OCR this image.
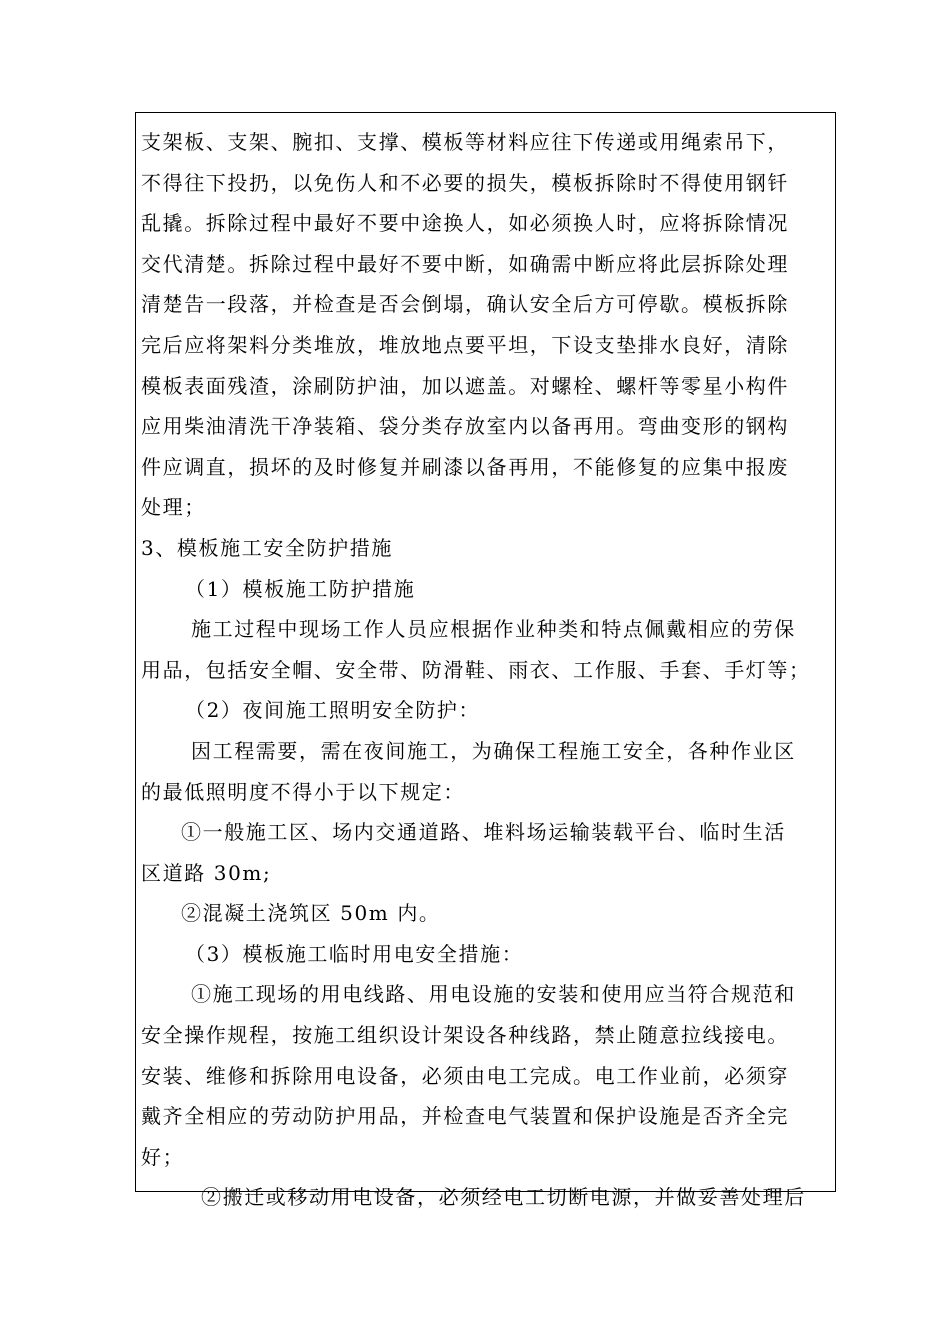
支架板、支架、腕扣、支撑、模板等材料应往下传递或用绳索吊下，
不得往下投扔，以免伤人和不必要的损失，模板拆除时不得使用钢钎
乱撬。拆除过程中最好不要中途换人，如必须换人时，应将拆除情况
交代清楚。拆除过程中最好不要中断，如确需中断应将此层拆除处理
清楚告一段落，并检查是否会倒塌，确认安全后方可停歇。模板拆除
完后应将架料分类堆放，堆放地点要平坦，下设支垫排水良好，清除
模板表面残渣，涂刷防护油，加以遮盖。对螺栓、螺杆等零星小构件
应用柴油清洗干净装箱、袋分类存放室内以备再用。弯曲变形的钢构
件应调直，损坏的及时修复并刷漆以备再用，不能修复的应集中报废
处理；
3、模板施工安全防护措施
（1）模板施工防护措施
施工过程中现场工作人员应根据作业种类和特点佩戴相应的劳保
用品，包括安全帽、安全带、防滑鞋、雨衣、工作服、手套、手灯等；
（2）夜间施工照明安全防护：
因工程需要，需在夜间施工，为确保工程施工安全，各种作业区
的最低照明度不得小于以下规定：
①一般施工区、场内交通道路、堆料场运输装载平台、临时生活
区道路 30m;
②混凝土浇筑区 50m 内。
（3）模板施工临时用电安全措施：
①施工现场的用电线路、用电设施的安装和使用应当符合规范和
安全操作规程，按施工组织设计架设各种线路，禁止随意拉线接电。
安装、维修和拆除用电设备，必须由电工完成。电工作业前，必须穿
戴齐全相应的劳动防护用品，并检查电气装置和保护设施是否齐全完
好；
②搬迁或移动用电设备，必须经电工切断电源，并做妥善处理后
